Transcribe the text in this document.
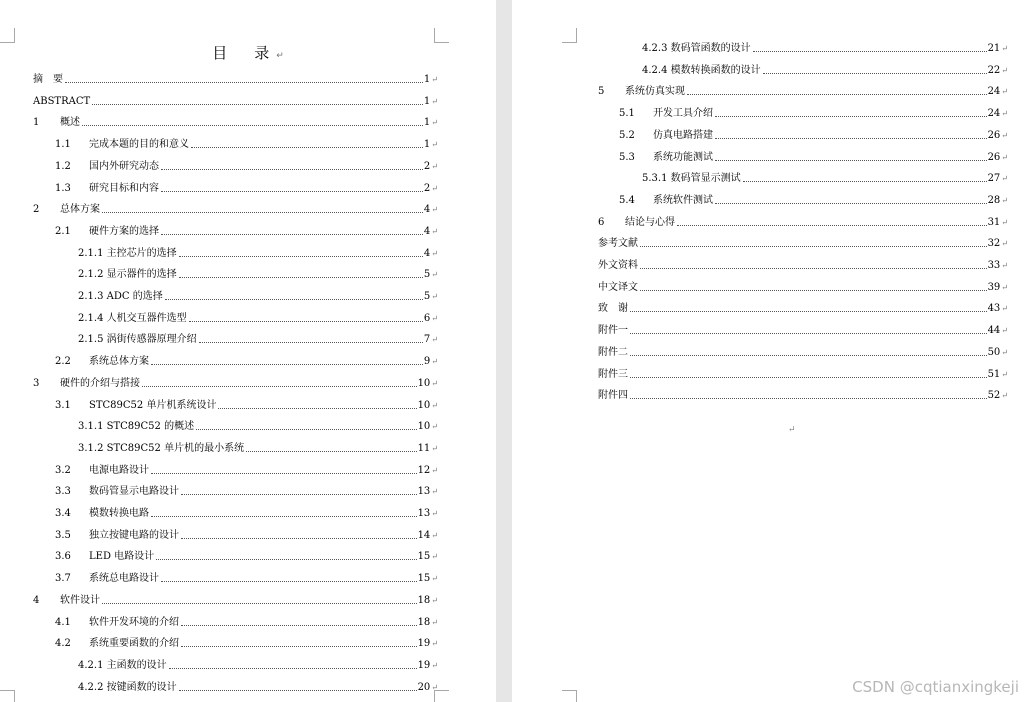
目　录↵
摘　要	1 ↵
ABSTRACT	1 ↵
1	概述	1 ↵
1.1	完成本题的目的和意义	1 ↵
1.2	国内外研究动态	2 ↵
1.3	研究目标和内容	2 ↵
2	总体方案	4 ↵
2.1	硬件方案的选择	4 ↵
2.1.1 主控芯片的选择	4 ↵
2.1.2 显示器件的选择	5 ↵
2.1.3 ADC 的选择	5 ↵
2.1.4 人机交互器件选型	6 ↵
2.1.5 涡街传感器原理介绍	7 ↵
2.2	系统总体方案	9 ↵
3	硬件的介绍与搭接	10 ↵
3.1	STC89C52 单片机系统设计	10 ↵
3.1.1 STC89C52 的概述	10 ↵
3.1.2 STC89C52 单片机的最小系统	11 ↵
3.2	电源电路设计	12 ↵
3.3	数码管显示电路设计	13 ↵
3.4	模数转换电路	13 ↵
3.5	独立按键电路的设计	14 ↵
3.6	LED 电路设计	15 ↵
3.7	系统总电路设计	15 ↵
4	软件设计	18 ↵
4.1	软件开发环境的介绍	18 ↵
4.2	系统重要函数的介绍	19 ↵
4.2.1 主函数的设计	19 ↵
4.2.2 按键函数的设计	20 ↵
4.2.3 数码管函数的设计	21 ↵
4.2.4 模数转换函数的设计	22 ↵
5	系统仿真实现	24 ↵
5.1	开发工具介绍	24 ↵
5.2	仿真电路搭建	26 ↵
5.3	系统功能测试	26 ↵
5.3.1 数码管显示测试	27 ↵
5.4	系统软件测试	28 ↵
6	结论与心得	31 ↵
参考文献	32 ↵
外文资料	33 ↵
中文译文	39 ↵
致　谢	43 ↵
附件一	44 ↵
附件二	50 ↵
附件三	51 ↵
附件四	52 ↵
↵
CSDN @cqtianxingkeji
